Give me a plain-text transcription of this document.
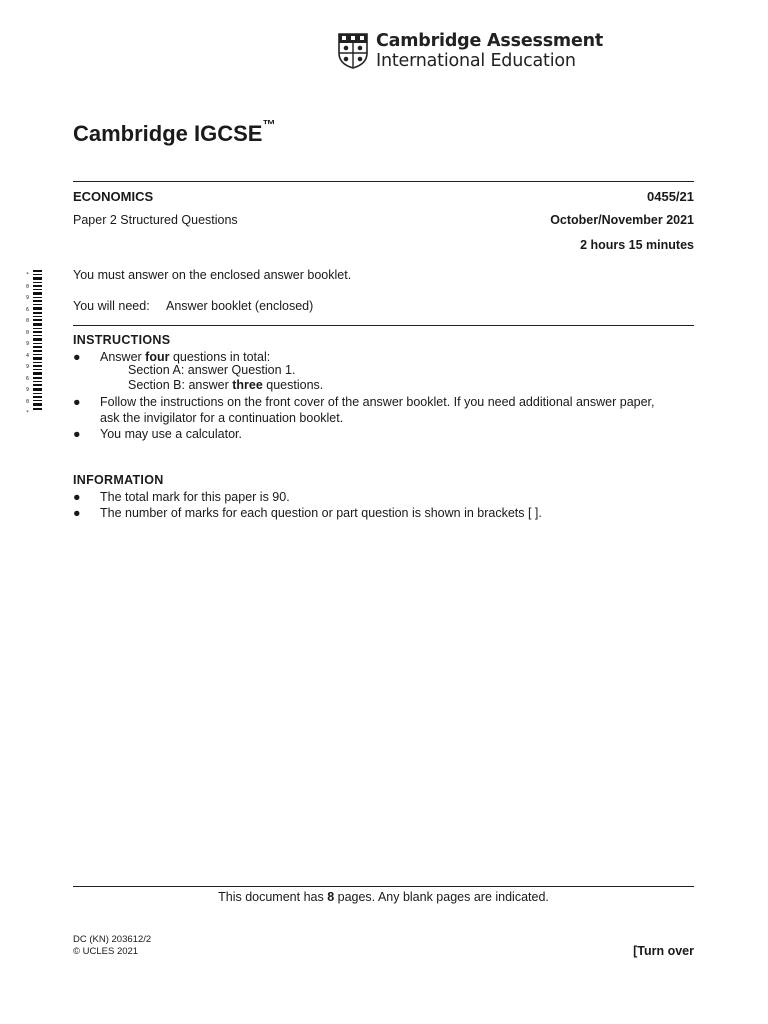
Cambridge Assessment
International Education
Cambridge IGCSE™
ECONOMICS	0455/21
Paper 2 Structured Questions	October/November 2021
2 hours 15 minutes
* 0 9 6 0 0 9 4 9 6 9 0 *
You must answer on the enclosed answer booklet.
You will need: Answer booklet (enclosed)
INSTRUCTIONS
● Answer four questions in total:
Section A: answer Question 1.
Section B: answer three questions.
● Follow the instructions on the front cover of the answer booklet. If you need additional answer paper,
ask the invigilator for a continuation booklet.
● You may use a calculator.
INFORMATION
● The total mark for this paper is 90.
● The number of marks for each question or part question is shown in brackets [ ].
This document has 8 pages. Any blank pages are indicated.
DC (KN) 203612/2
© UCLES 2021	[Turn over
